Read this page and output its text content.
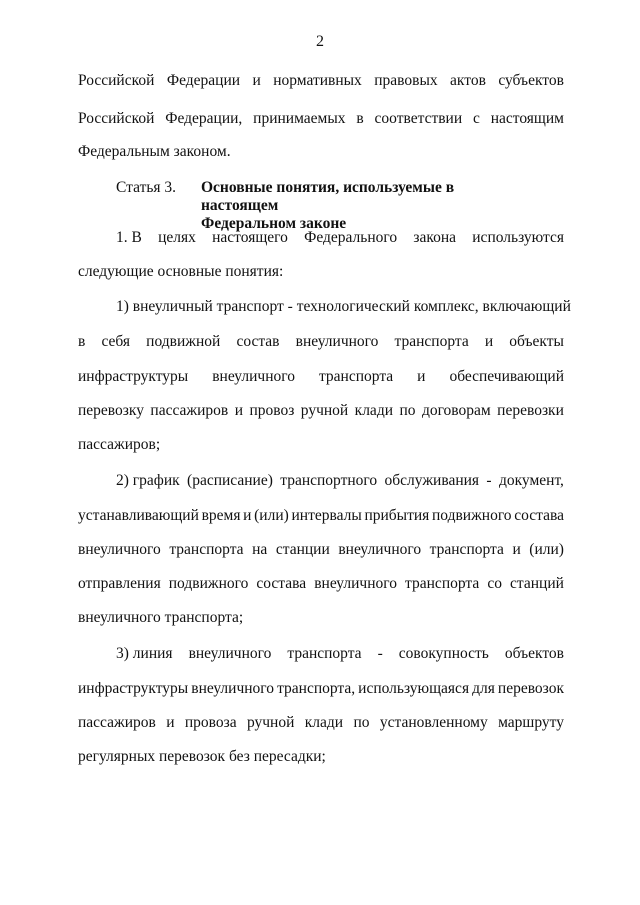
2
Российской Федерации и нормативных правовых актов субъектов
Российской Федерации, принимаемых в соответствии с настоящим
Федеральным законом.
Статья 3. Основные понятия, используемые в настоящем
Федеральном законе
1. В целях настоящего Федерального закона используются
следующие основные понятия:
1) внеуличный транспорт - технологический комплекс, включающий
в себя подвижной состав внеуличного транспорта и объекты
инфраструктуры внеуличного транспорта и обеспечивающий
перевозку пассажиров и провоз ручной клади по договорам перевозки
пассажиров;
2) график (расписание) транспортного обслуживания - документ,
устанавливающий время и (или) интервалы прибытия подвижного состава
внеуличного транспорта на станции внеуличного транспорта и (или)
отправления подвижного состава внеуличного транспорта со станций
внеуличного транспорта;
3) линия внеуличного транспорта - совокупность объектов
инфраструктуры внеуличного транспорта, использующаяся для перевозок
пассажиров и провоза ручной клади по установленному маршруту
регулярных перевозок без пересадки;
